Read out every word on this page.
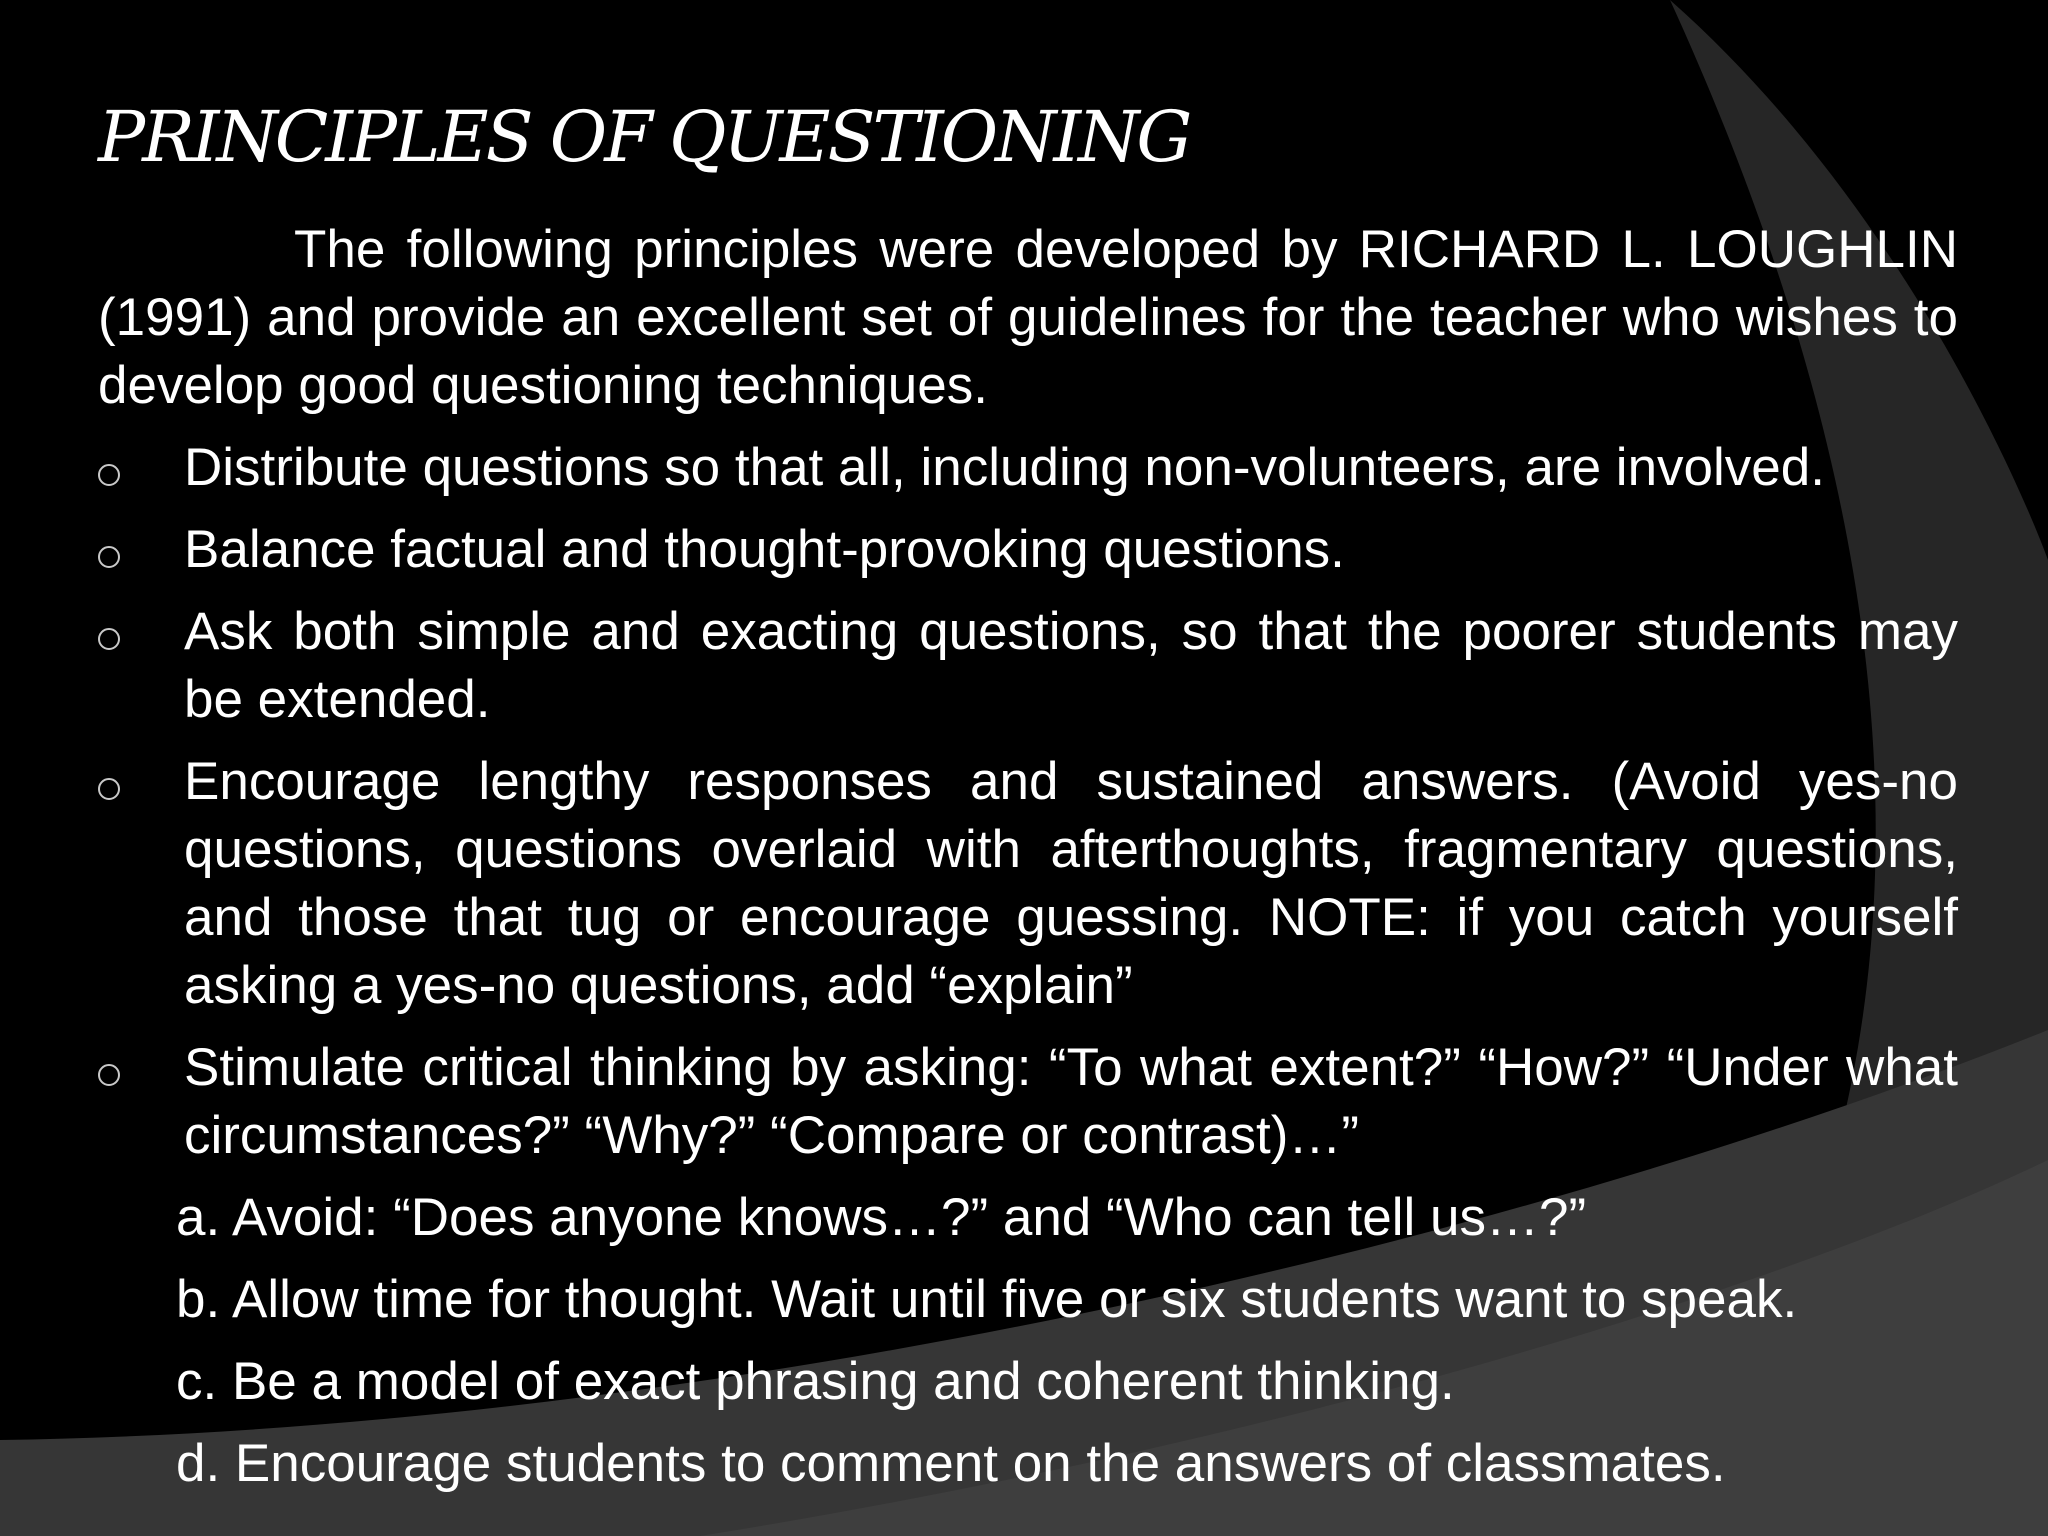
PRINCIPLES OF QUESTIONING

The following principles were developed by RICHARD L. LOUGHLIN (1991) and provide an excellent set of guidelines for the teacher who wishes to develop good questioning techniques.

Distribute questions so that all, including non-volunteers, are involved.
Balance factual and thought-provoking questions.
Ask both simple and exacting questions, so that the poorer students may be extended.
Encourage lengthy responses and sustained answers. (Avoid yes-no questions, questions overlaid with afterthoughts, fragmentary questions, and those that tug or encourage guessing. NOTE: if you catch yourself asking a yes-no questions, add “explain”
Stimulate critical thinking by asking: “To what extent?” “How?” “Under what circumstances?” “Why?” “Compare or contrast)…”
a. Avoid: “Does anyone knows…?” and “Who can tell us…?”
b. Allow time for thought. Wait until five or six students want to speak.
c. Be a model of exact phrasing and coherent thinking.
d. Encourage students to comment on the answers of classmates.
